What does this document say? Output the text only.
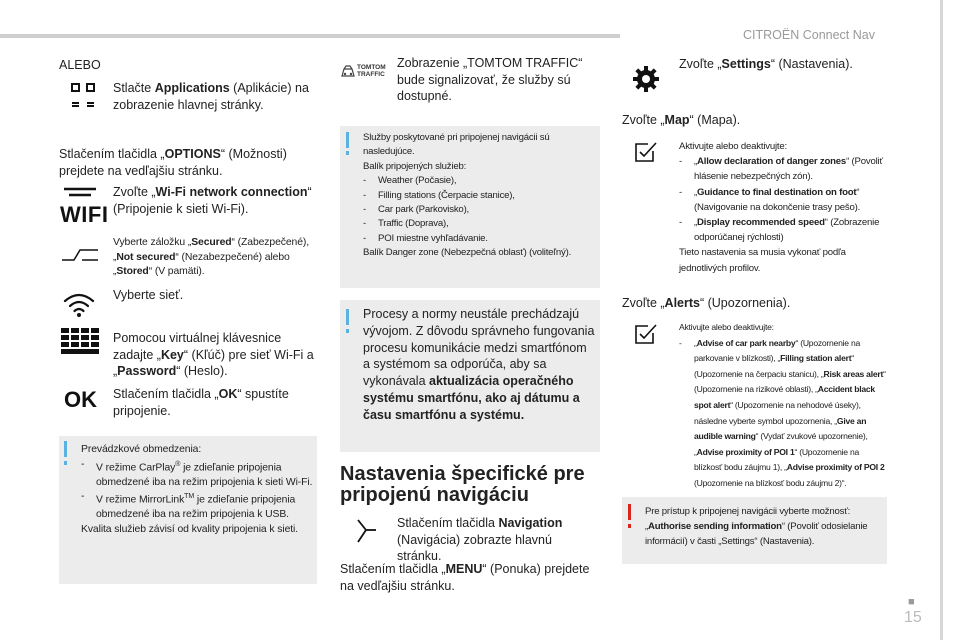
CITROËN Connect Nav
■
15
ALEBO
Stlačte Applications (Aplikácie) na zobrazenie hlavnej stránky.
Stlačením tlačidla „OPTIONS“ (Možnosti) prejdete na vedľajšiu stránku.
WIFI
Zvoľte „Wi-Fi network connection“ (Pripojenie k sieti Wi-Fi).
Vyberte záložku „Secured“ (Zabezpečené), „Not secured“ (Nezabezpečené) alebo „Stored“ (V pamäti).
Vyberte sieť.
Pomocou virtuálnej klávesnice zadajte „Key“ (Kľúč) pre sieť Wi-Fi a „Password“ (Heslo).
OK Stlačením tlačidla „OK“ spustíte pripojenie.
Prevádzkové obmedzenia:
- V režime CarPlay® je zdieľanie pripojenia obmedzené iba na režim pripojenia k sieti Wi-Fi.
- V režime MirrorLink™ je zdieľanie pripojenia obmedzené iba na režim pripojenia k USB.
Kvalita služieb závisí od kvality pripojenia k sieti.
TOMTOM
TRAFFIC
Zobrazenie „TOMTOM TRAFFIC“ bude signalizovať, že služby sú dostupné.
Služby poskytované pri pripojenej navigácii sú nasledujúce.
Balík pripojených služieb:
- Weather (Počasie),
- Filling stations (Čerpacie stanice),
- Car park (Parkovisko),
- Traffic (Doprava),
- POI miestne vyhľadávanie.
Balík Danger zone (Nebezpečná oblasť) (voliteľný).
Procesy a normy neustále prechádzajú vývojom. Z dôvodu správneho fungovania procesu komunikácie medzi smartfónom a systémom sa odporúča, aby sa vykonávala aktualizácia operačného systému smartfónu, ako aj dátumu a času smartfónu a systému.
Nastavenia špecifické pre pripojenú navigáciu
Stlačením tlačidla Navigation (Navigácia) zobrazte hlavnú stránku.
Stlačením tlačidla „MENU“ (Ponuka) prejdete na vedľajšiu stránku.
Zvoľte „Settings“ (Nastavenia).
Zvoľte „Map“ (Mapa).
Aktivujte alebo deaktivujte:
- „Allow declaration of danger zones“ (Povoliť hlásenie nebezpečných zón).
- „Guidance to final destination on foot“ (Navigovanie na dokončenie trasy pešo).
- „Display recommended speed“ (Zobrazenie odporúčanej rýchlosti)
Tieto nastavenia sa musia vykonať podľa jednotlivých profilov.
Zvoľte „Alerts“ (Upozornenia).
Aktivujte alebo deaktivujte:
- „Advise of car park nearby“ (Upozornenie na parkovanie v blízkosti), „Filling station alert“ (Upozornenie na čerpaciu stanicu), „Risk areas alert“ (Upozornenie na rizikové oblasti), „Accident black spot alert“ (Upozornenie na nehodové úseky), následne vyberte symbol upozornenia, „Give an audible warning“ (Vydať zvukové upozornenie), „Advise proximity of POI 1“ (Upozornenie na blízkosť bodu záujmu 1), „Advise proximity of POI 2 (Upozornenie na blízkosť bodu záujmu 2)“.
Pre prístup k pripojenej navigácii vyberte možnosť: „Authorise sending information“ (Povoliť odosielanie informácií) v časti „Settings“ (Nastavenia).
